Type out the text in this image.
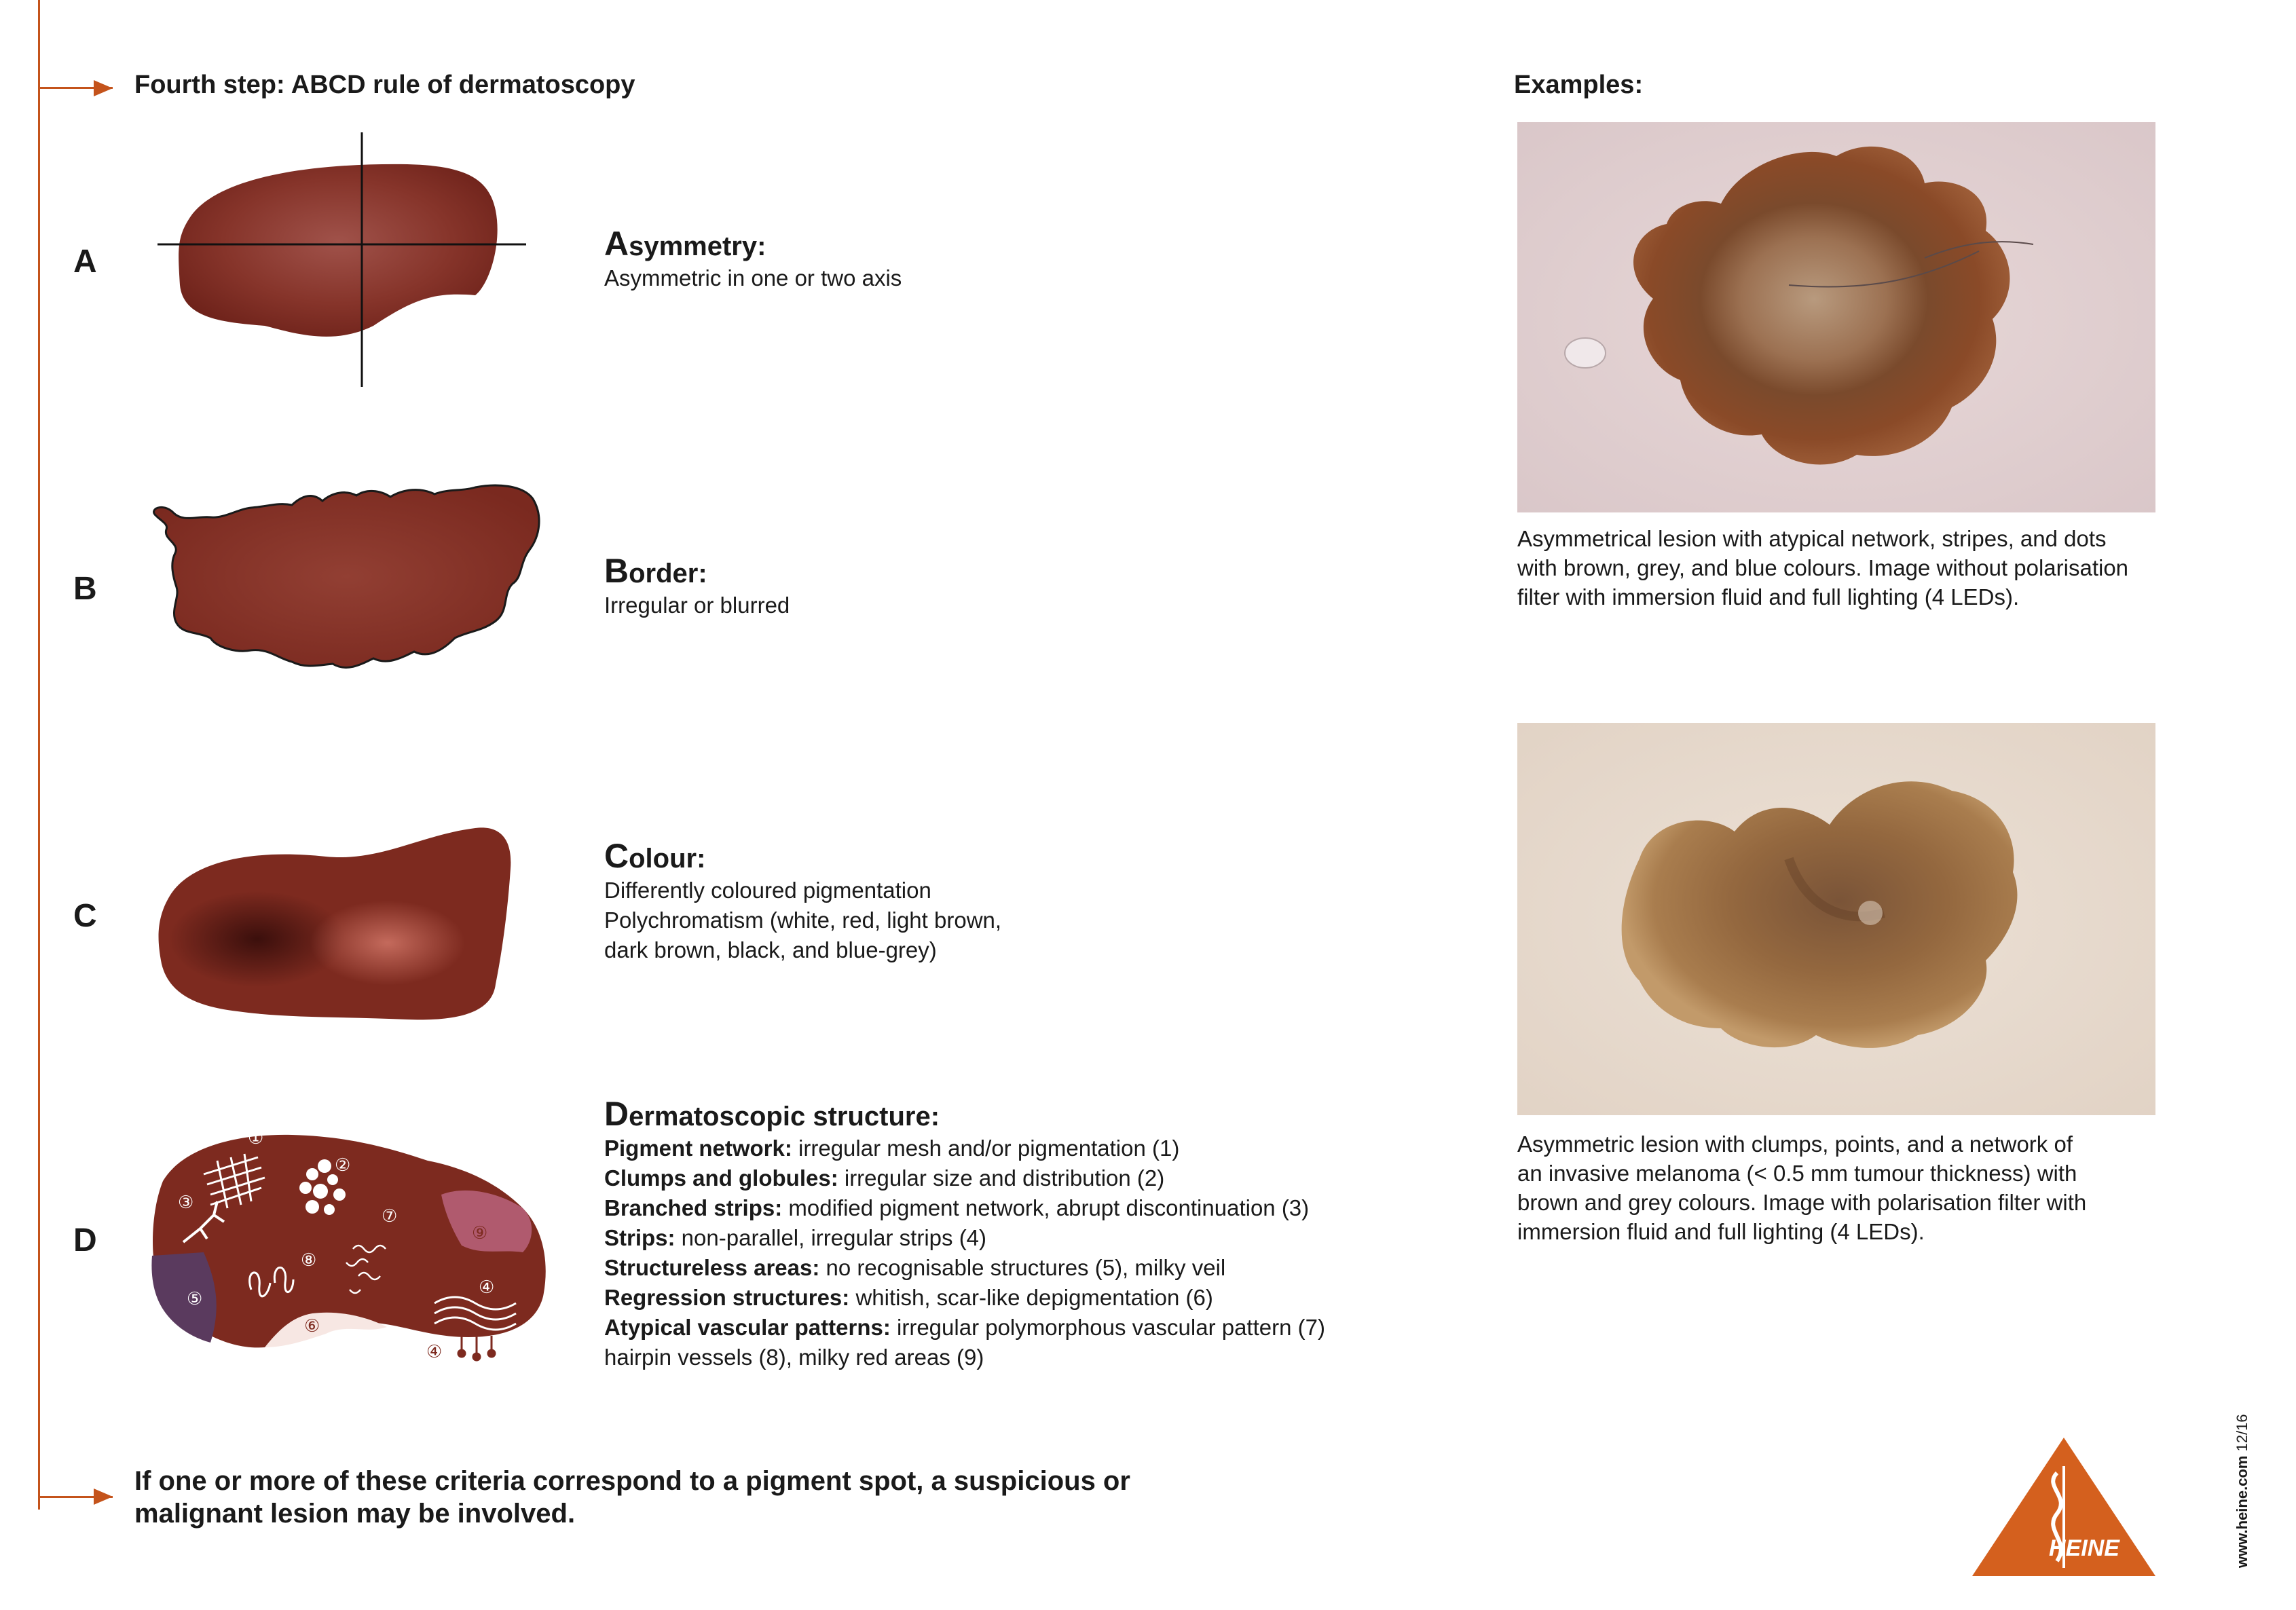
Fourth step: ABCD rule of dermatoscopy	Examples:
A
B
C
D
①
②
③
④
⑤
⑥
⑦
⑧
⑨
④
Asymmetry:
Asymmetric in one or two axis
Border:
Irregular or blurred
Colour:
Differently coloured pigmentation
Polychromatism (white, red, light brown,
dark brown, black, and blue-grey)
Dermatoscopic structure:
Pigment network: irregular mesh and/or pigmentation (1)
Clumps and globules: irregular size and distribution (2)
Branched strips: modified pigment network, abrupt discontinuation (3)
Strips: non-parallel, irregular strips (4)
Structureless areas: no recognisable structures (5), milky veil
Regression structures: whitish, scar-like depigmentation (6)
Atypical vascular patterns: irregular polymorphous vascular pattern (7)
hairpin vessels (8), milky red areas (9)
Asymmetrical lesion with atypical network, stripes, and dots
with brown, grey, and blue colours. Image without polarisation
filter with immersion fluid and full lighting (4 LEDs).
Asymmetric lesion with clumps, points, and a network of
an invasive melanoma (< 0.5 mm tumour thickness) with
brown and grey colours. Image with polarisation filter with
immersion fluid and full lighting (4 LEDs).
If one or more of these criteria correspond to a pigment spot, a suspicious or
malignant lesion may be involved.
HEINE	www.heine.com 12/16
